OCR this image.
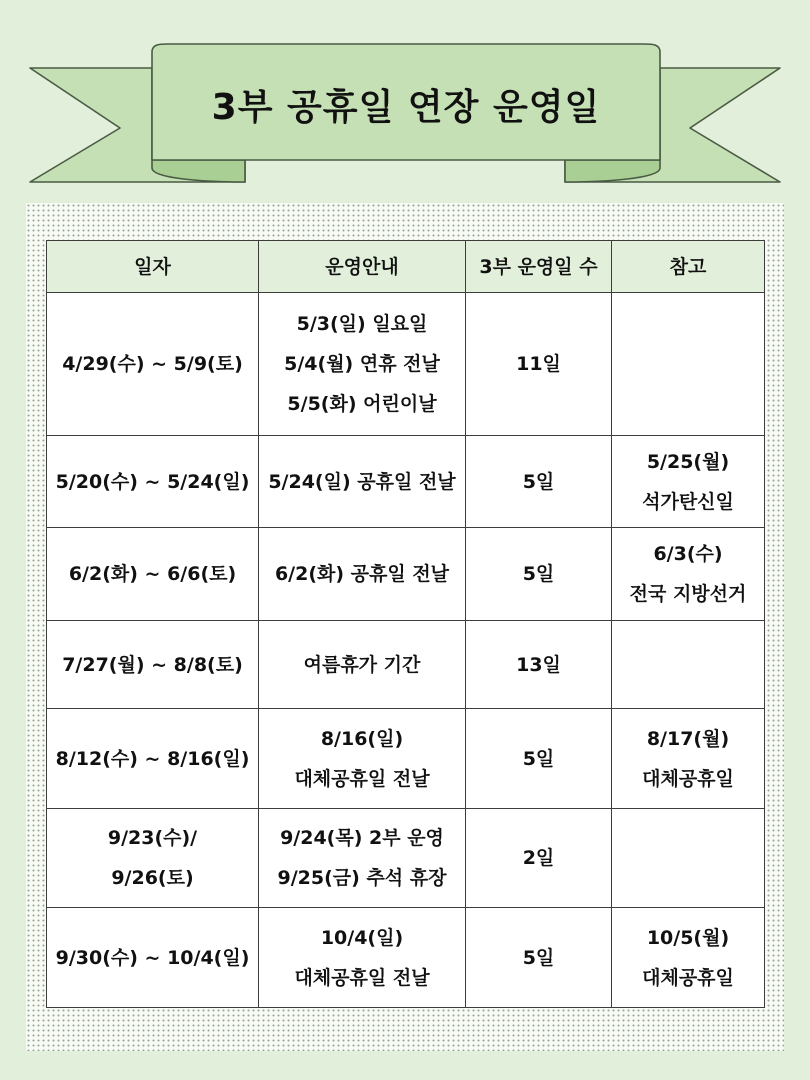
3부 공휴일 연장 운영일
일자	운영안내	3부 운영일 수	참고

4/29(수) ~ 5/9(토)	5/3(일) 일요일
5/4(월) 연휴 전날
5/5(화) 어린이날	11일	

5/20(수) ~ 5/24(일)	5/24(일) 공휴일 전날	5일	5/25(월)
석가탄신일

6/2(화) ~ 6/6(토)	6/2(화) 공휴일 전날	5일	6/3(수)
전국 지방선거

7/27(월) ~ 8/8(토)	여름휴가 기간	13일	

8/12(수) ~ 8/16(일)	8/16(일)
대체공휴일 전날	5일	8/17(월)
대체공휴일

9/23(수)/
9/26(토)	9/24(목) 2부 운영
9/25(금) 추석 휴장	2일	

9/30(수) ~ 10/4(일)	10/4(일)
대체공휴일 전날	5일	10/5(월)
대체공휴일
